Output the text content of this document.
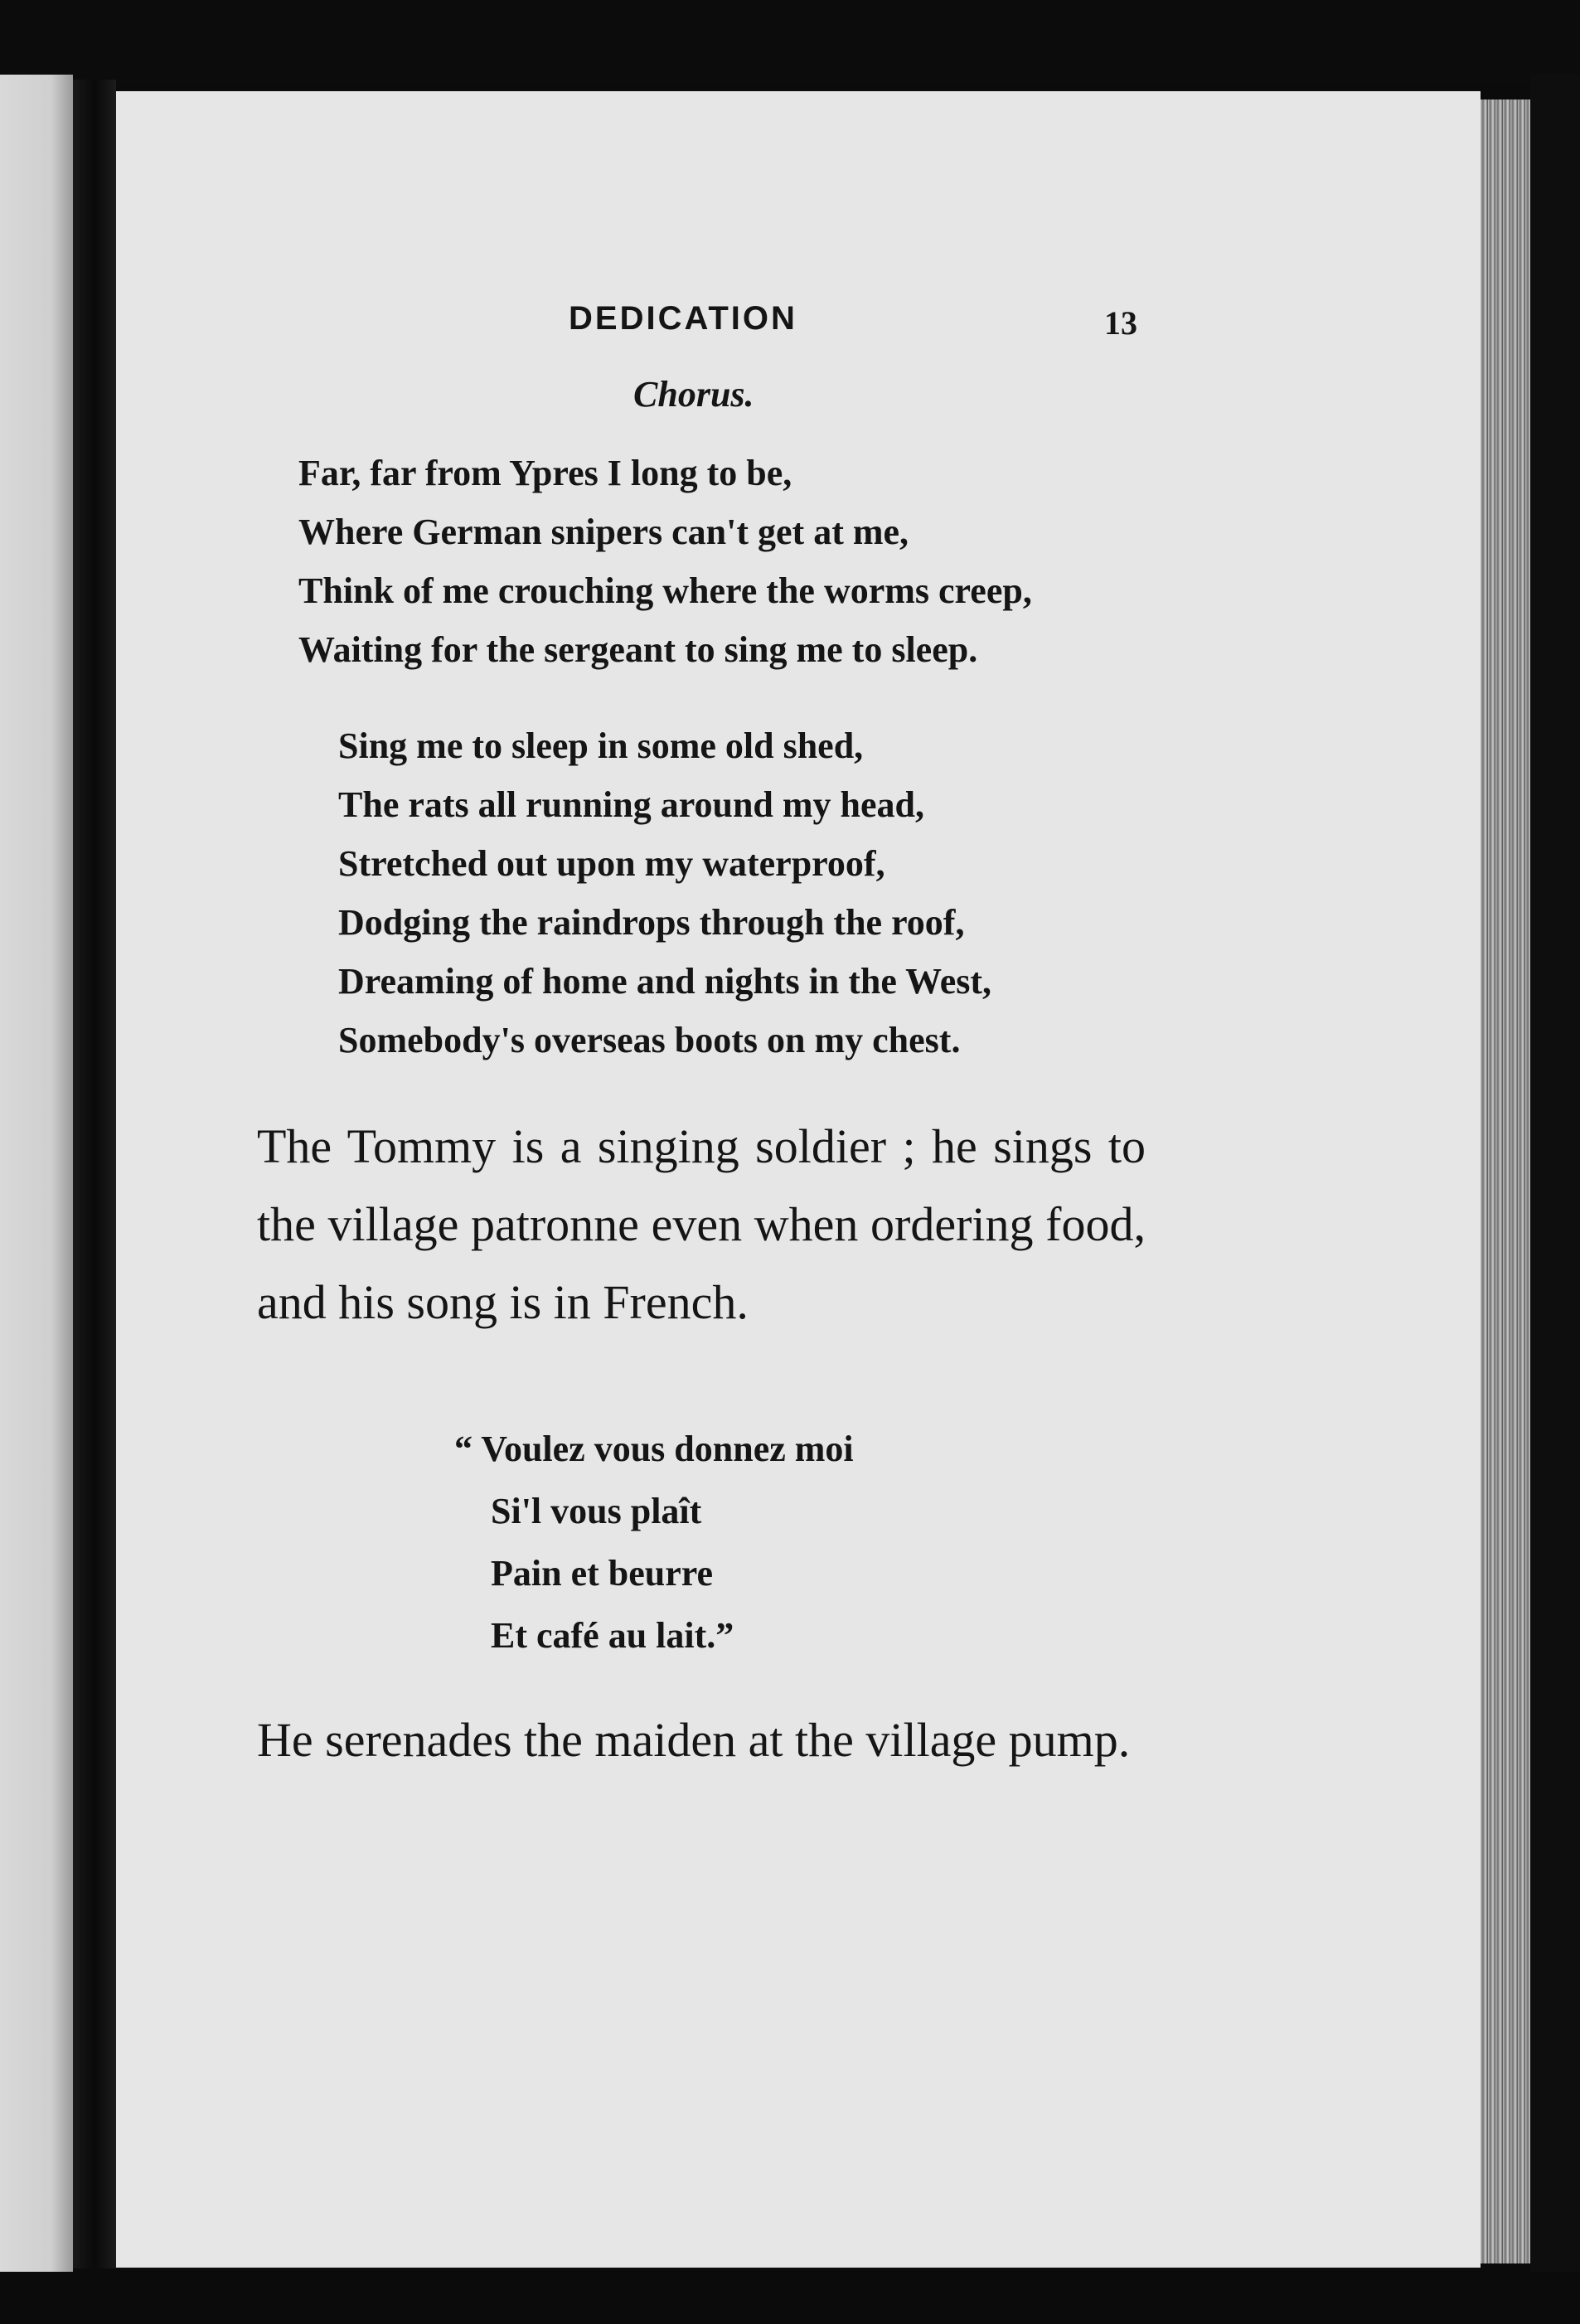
DEDICATION	13
Chorus.
Far, far from Ypres I long to be,
Where German snipers can't get at me,
Think of me crouching where the worms creep,
Waiting for the sergeant to sing me to sleep.
Sing me to sleep in some old shed,
The rats all running around my head,
Stretched out upon my waterproof,
Dodging the raindrops through the roof,
Dreaming of home and nights in the West,
Somebody's overseas boots on my chest.

The Tommy is a singing soldier ; he sings to the village patronne even when ordering food, and his song is in French.

“ Voulez vous donnez moi
Si'l vous plaît
Pain et beurre
Et café au lait.”

He serenades the maiden at the village pump.
